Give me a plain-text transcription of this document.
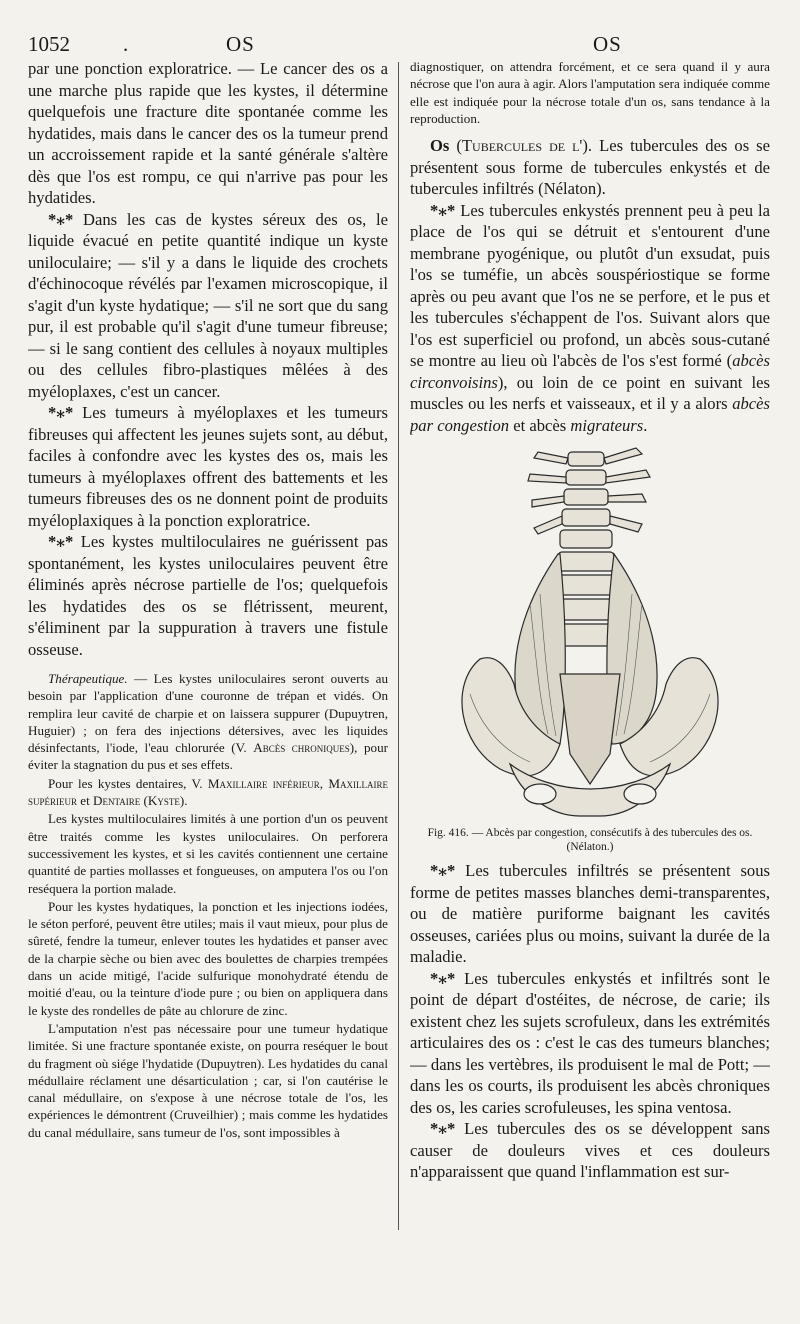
1052	.	OS	OS

par une ponction exploratrice. — Le cancer des os a une marche plus rapide que les kystes, il détermine quelquefois une fracture dite spontanée comme les hydatides, mais dans le cancer des os la tumeur prend un accroissement rapide et la santé générale s'altère dès que l'os est rompu, ce qui n'arrive pas pour les hydatides.

*⁎* Dans les cas de kystes séreux des os, le liquide évacué en petite quantité indique un kyste uniloculaire; — s'il y a dans le liquide des crochets d'échinocoque révélés par l'examen microscopique, il s'agit d'un kyste hydatique; — s'il ne sort que du sang pur, il est probable qu'il s'agit d'une tumeur fibreuse; — si le sang contient des cellules à noyaux multiples ou des cellules fibro-plastiques mêlées à des myéloplaxes, c'est un cancer.

*⁎* Les tumeurs à myéloplaxes et les tumeurs fibreuses qui affectent les jeunes sujets sont, au début, faciles à confondre avec les kystes des os, mais les tumeurs à myéloplaxes offrent des battements et les tumeurs fibreuses des os ne donnent point de produits myéloplaxiques à la ponction exploratrice.

*⁎* Les kystes multiloculaires ne guérissent pas spontanément, les kystes uniloculaires peuvent être éliminés après nécrose partielle de l'os; quelquefois les hydatides des os se flétrissent, meurent, s'éliminent par la suppuration à travers une fistule osseuse.

Thérapeutique. — Les kystes uniloculaires seront ouverts au besoin par l'application d'une couronne de trépan et vidés. On remplira leur cavité de charpie et on laissera suppurer (Dupuytren, Huguier) ; on fera des injections détersives, avec les liquides désinfectants, l'iode, l'eau chlorurée (V. Abcès chroniques), pour éviter la stagnation du pus et ses effets.

Pour les kystes dentaires, V. Maxillaire inférieur, Maxillaire supérieur et Dentaire (Kyste).

Les kystes multiloculaires limités à une portion d'un os peuvent être traités comme les kystes uniloculaires. On perforera successivement les kystes, et si les cavités contiennent une certaine quantité de parties mollasses et fongueuses, on amputera l'os ou l'on reséquera la portion malade.

Pour les kystes hydatiques, la ponction et les injections iodées, le séton perforé, peuvent être utiles; mais il vaut mieux, pour plus de sûreté, fendre la tumeur, enlever toutes les hydatides et panser avec de la charpie sèche ou bien avec des boulettes de charpies trempées dans un acide mitigé, l'acide sulfurique monohydraté étendu de moitié d'eau, ou la teinture d'iode pure ; ou bien on appliquera dans le kyste des rondelles de pâte au chlorure de zinc.

L'amputation n'est pas nécessaire pour une tumeur hydatique limitée. Si une fracture spontanée existe, on pourra reséquer le bout du fragment où siége l'hydatide (Dupuytren). Les hydatides du canal médullaire réclament une désarticulation ; car, si l'on cautérise le canal médullaire, on s'expose à une nécrose totale de l'os, les expériences le démontrent (Cruveilhier) ; mais comme les hydatides du canal médullaire, sans tumeur de l'os, sont impossibles à

diagnostiquer, on attendra forcément, et ce sera quand il y aura nécrose que l'on aura à agir. Alors l'amputation sera indiquée comme elle est indiquée pour la nécrose totale d'un os, sans tendance à la reproduction.

Os (Tubercules de l'). Les tubercules des os se présentent sous forme de tubercules enkystés et de tubercules infiltrés (Nélaton).

*⁎* Les tubercules enkystés prennent peu à peu la place de l'os qui se détruit et s'entourent d'une membrane pyogénique, ou plutôt d'un exsudat, puis l'os se tuméfie, un abcès souspériostique se forme après ou peu avant que l'os ne se perfore, et le pus et les tubercules s'échappent de l'os. Suivant alors que l'os est superficiel ou profond, un abcès sous-cutané se montre au lieu où l'abcès de l'os s'est formé (abcès circonvoisins), ou loin de ce point en suivant les muscles ou les nerfs et vaisseaux, et il y a alors abcès par congestion et abcès migrateurs.

Fig. 416. — Abcès par congestion, consécutifs à des tubercules des os. (Nélaton.)

*⁎* Les tubercules infiltrés se présentent sous forme de petites masses blanches demi-transparentes, ou de matière puriforme baignant les cavités osseuses, cariées plus ou moins, suivant la durée de la maladie.

*⁎* Les tubercules enkystés et infiltrés sont le point de départ d'ostéites, de nécrose, de carie; ils existent chez les sujets scrofuleux, dans les extrémités articulaires des os : c'est le cas des tumeurs blanches; — dans les vertèbres, ils produisent le mal de Pott; — dans les os courts, ils produisent les abcès chroniques des os, les caries scrofuleuses, les spina ventosa.

*⁎* Les tubercules des os se développent sans causer de douleurs vives et ces douleurs n'apparaissent que quand l'inflammation est sur-
